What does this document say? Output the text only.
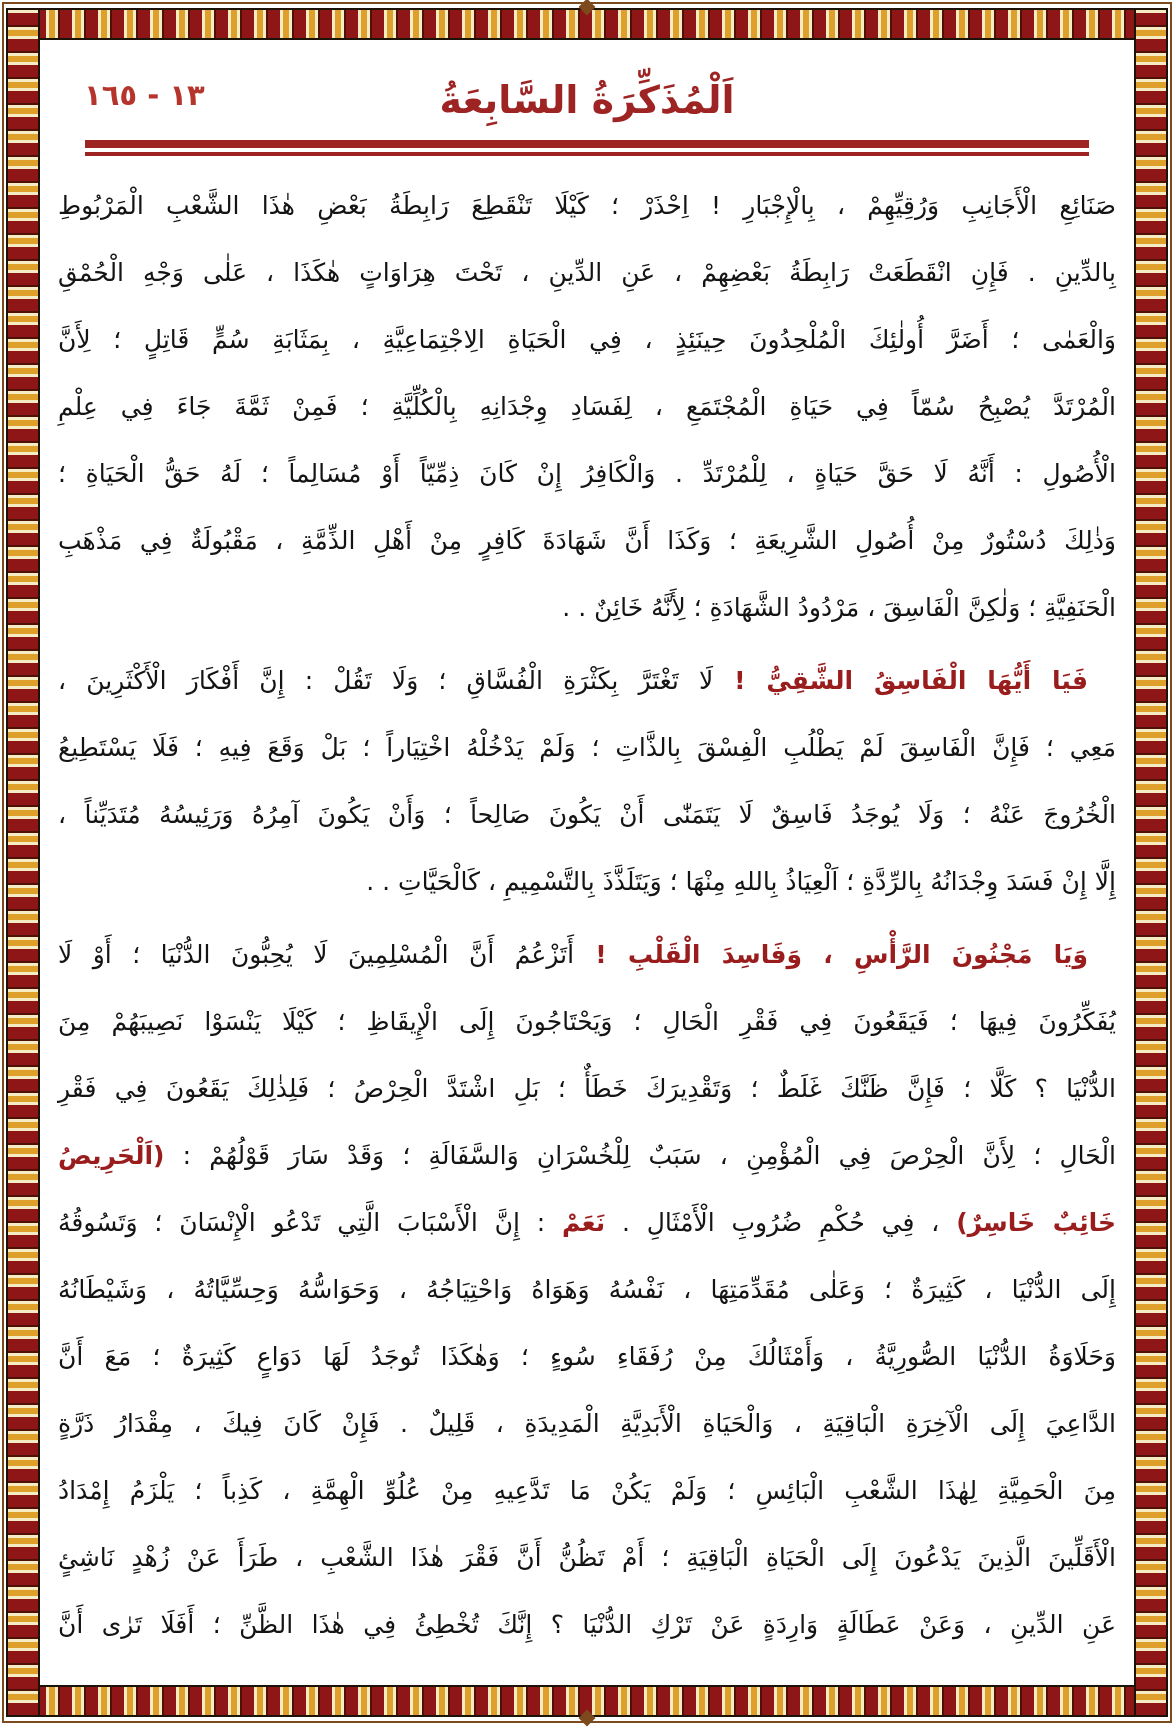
١٣ - ١٦٥	اَلْمُذَكِّرَةُ السَّابِعَةُ
صَنَائِعِ الْأَجَانِبِ وَرُقِيِّهِمْ ، بِالْإِجْبَارِ ! اِحْذَرْ ؛ كَيْلَا تَنْقَطِعَ رَابِطَةُ بَعْضِ هٰذَا الشَّعْبِ الْمَرْبُوطِ
بِالدِّينِ . فَإِنِ انْقَطَعَتْ رَابِطَةُ بَعْضِهِمْ ، عَنِ الدِّينِ ، تَحْتَ هِرَاوَاتٍ هٰكَذَا ، عَلٰى وَجْهِ الْحُمْقِ
وَالْعَمٰى ؛ أَضَرَّ أُولٰئِكَ الْمُلْحِدُونَ حِينَئِذٍ ، فِي الْحَيَاةِ الِاجْتِمَاعِيَّةِ ، بِمَثَابَةِ سُمٍّ قَاتِلٍ ؛ لِأَنَّ
الْمُرْتَدَّ يُصْبِحُ سُمّاً فِي حَيَاةِ الْمُجْتَمَعِ ، لِفَسَادِ وِجْدَانِهِ بِالْكُلِّيَّةِ ؛ فَمِنْ ثَمَّةَ جَاءَ فِي عِلْمِ
الْأُصُولِ : أَنَّهُ لَا حَقَّ حَيَاةٍ ، لِلْمُرْتَدِّ . وَالْكَافِرُ إِنْ كَانَ ذِمِّيّاً أَوْ مُسَالِماً ؛ لَهُ حَقُّ الْحَيَاةِ ؛
وَذٰلِكَ دُسْتُورٌ مِنْ أُصُولِ الشَّرِيعَةِ ؛ وَكَذَا أَنَّ شَهَادَةَ كَافِرٍ مِنْ أَهْلِ الذِّمَّةِ ، مَقْبُولَةٌ فِي مَذْهَبِ
الْحَنَفِيَّةِ ؛ وَلٰكِنَّ الْفَاسِقَ ، مَرْدُودُ الشَّهَادَةِ ؛ لِأَنَّهُ خَائِنٌ . .
فَيَا أَيُّهَا الْفَاسِقُ الشَّقِيُّ ! لَا تَغْتَرَّ بِكَثْرَةِ الْفُسَّاقِ ؛ وَلَا تَقُلْ : إِنَّ أَفْكَارَ الْأَكْثَرِينَ ،
مَعِي ؛ فَإِنَّ الْفَاسِقَ لَمْ يَطْلُبِ الْفِسْقَ بِالذَّاتِ ؛ وَلَمْ يَدْخُلْهُ اخْتِيَاراً ؛ بَلْ وَقَعَ فِيهِ ؛ فَلَا يَسْتَطِيعُ
الْخُرُوجَ عَنْهُ ؛ وَلَا يُوجَدُ فَاسِقٌ لَا يَتَمَنّٰى أَنْ يَكُونَ صَالِحاً ؛ وَأَنْ يَكُونَ آمِرُهُ وَرَئِيسُهُ مُتَدَيِّناً ،
إِلَّا إِنْ فَسَدَ وِجْدَانُهُ بِالرِّدَّةِ ؛ اَلْعِيَاذُ بِاللهِ مِنْهَا ؛ وَيَتَلَذَّذَ بِالتَّسْمِيمِ ، كَالْحَيَّاتِ . .
وَيَا مَجْنُونَ الرَّأْسِ ، وَفَاسِدَ الْقَلْبِ ! أَتَزْعُمُ أَنَّ الْمُسْلِمِينَ لَا يُحِبُّونَ الدُّنْيَا ؛ أَوْ لَا
يُفَكِّرُونَ فِيهَا ؛ فَيَقَعُونَ فِي فَقْرِ الْحَالِ ؛ وَيَحْتَاجُونَ إِلَى الْإِيقَاظِ ؛ كَيْلَا يَنْسَوْا نَصِيبَهُمْ مِنَ
الدُّنْيَا ؟ كَلَّا ؛ فَإِنَّ ظَنَّكَ غَلَطٌ ؛ وَتَقْدِيرَكَ خَطَأٌ ؛ بَلِ اشْتَدَّ الْحِرْصُ ؛ فَلِذٰلِكَ يَقَعُونَ فِي فَقْرِ
الْحَالِ ؛ لِأَنَّ الْحِرْصَ فِي الْمُؤْمِنِ ، سَبَبٌ لِلْخُسْرَانِ وَالسَّفَالَةِ ؛ وَقَدْ سَارَ قَوْلُهُمْ : (اَلْحَرِيصُ
خَائِبٌ خَاسِرٌ) ، فِي حُكْمِ ضُرُوبِ الْأَمْثَالِ . نَعَمْ : إِنَّ الْأَسْبَابَ الَّتِي تَدْعُو الْإِنْسَانَ ؛ وَتَسُوقُهُ
إِلَى الدُّنْيَا ، كَثِيرَةٌ ؛ وَعَلٰى مُقَدِّمَتِهَا ، نَفْسُهُ وَهَوَاهُ وَاحْتِيَاجُهُ ، وَحَوَاسُّهُ وَحِسِّيَّاتُهُ ، وَشَيْطَانُهُ
وَحَلَاوَةُ الدُّنْيَا الصُّورِيَّةُ ، وَأَمْثَالُكَ مِنْ رُفَقَاءِ سُوءٍ ؛ وَهٰكَذَا تُوجَدُ لَهَا دَوَاعٍ كَثِيرَةٌ ؛ مَعَ أَنَّ
الدَّاعِيَ إِلَى الْآخِرَةِ الْبَاقِيَةِ ، وَالْحَيَاةِ الْأَبَدِيَّةِ الْمَدِيدَةِ ، قَلِيلٌ . فَإِنْ كَانَ فِيكَ ، مِقْدَارُ ذَرَّةٍ
مِنَ الْحَمِيَّةِ لِهٰذَا الشَّعْبِ الْبَائِسِ ؛ وَلَمْ يَكُنْ مَا تَدَّعِيهِ مِنْ عُلُوِّ الْهِمَّةِ ، كَذِباً ؛ يَلْزَمُ إِمْدَادُ
الْأَقَلِّينَ الَّذِينَ يَدْعُونَ إِلَى الْحَيَاةِ الْبَاقِيَةِ ؛ أَمْ تَظُنُّ أَنَّ فَقْرَ هٰذَا الشَّعْبِ ، طَرَأَ عَنْ زُهْدٍ نَاشِئٍ
عَنِ الدِّينِ ، وَعَنْ عَطَالَةٍ وَارِدَةٍ عَنْ تَرْكِ الدُّنْيَا ؟ إِنَّكَ تُخْطِئُ فِي هٰذَا الظَّنِّ ؛ أَفَلَا تَرٰى أَنَّ
